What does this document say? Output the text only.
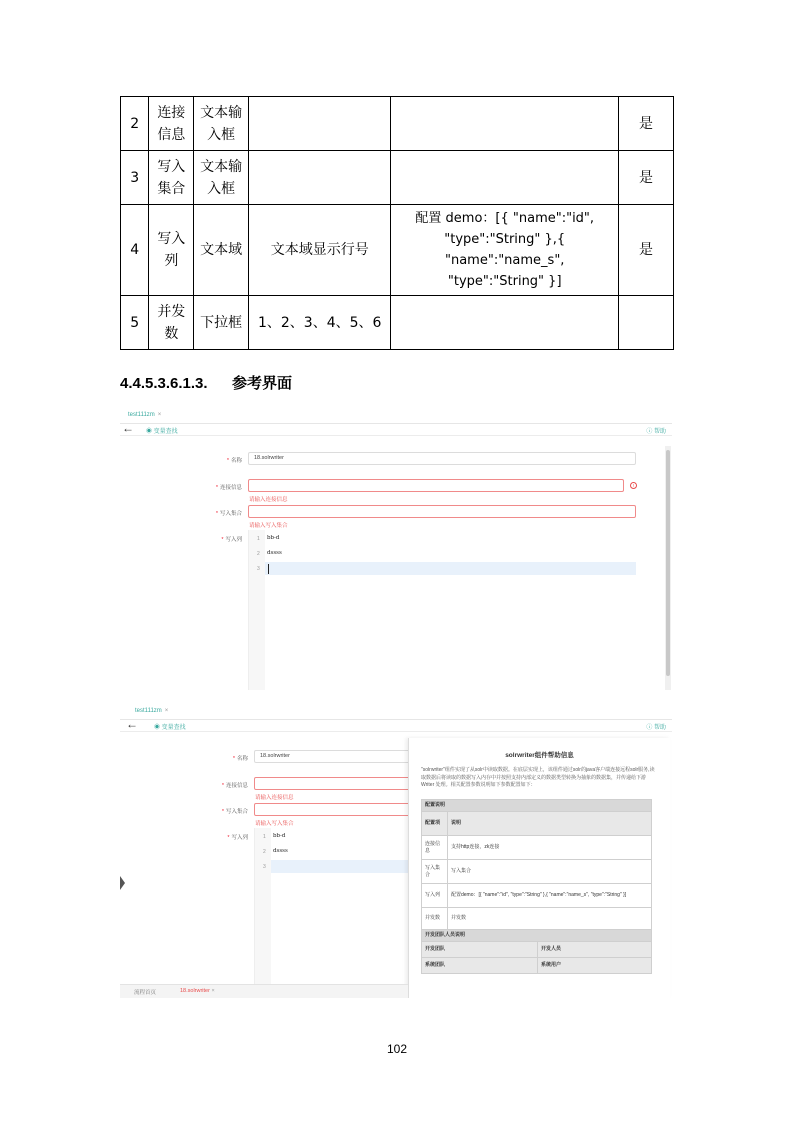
2	连接信息	文本输入框			是
3	写入集合	文本输入框			是
4	写入列	文本域	文本域显示行号	配置 demo：[{ "name":"id", "type":"String" },{ "name":"name_s", "type":"String" }]	是
5	并发数	下拉框	1、2、3、4、5、6		
4.4.5.3.6.1.3. 参考界面
test111zm ×
← ◉ 变量查找	ⓘ 帮助
* 名称	18.solrwriter
* 连接信息	!
请输入连接信息
* 写入集合
请输入写入集合
* 写入列	1 bb-d
2 dssss
3
test111zm ×
←	◉ 变量查找	ⓘ 帮助
* 名称	18.solrwriter
* 连接信息
请输入连接信息
* 写入集合
请输入写入集合
* 写入列	1 bb-d
2 dssss
3
solrwriter组件帮助信息
"solrwriter"组件实现了从solr中读取数据。在底层实现上，该组件通过solr的java客户端连接远程solr服务,读取数据后将读取的数据写入内存中并按照支持内部定义的数据类型转换为抽象的数据集，并传递给下游 Writer 处理。相关配置参数说明如下参数配置如下：
配置说明		
配置项	说明	
连接信息	支持http连接，zk连接	
写入集合	写入集合	
写入列	配置demo：[{ "name":"id", "type":"String" },{ "name":"name_s", "type":"String" }]	
并发数	并发数	
开发团队人员说明		
开发团队		开发人员
系统团队		系统用户
流程首页	18.solrwriter ×
102
